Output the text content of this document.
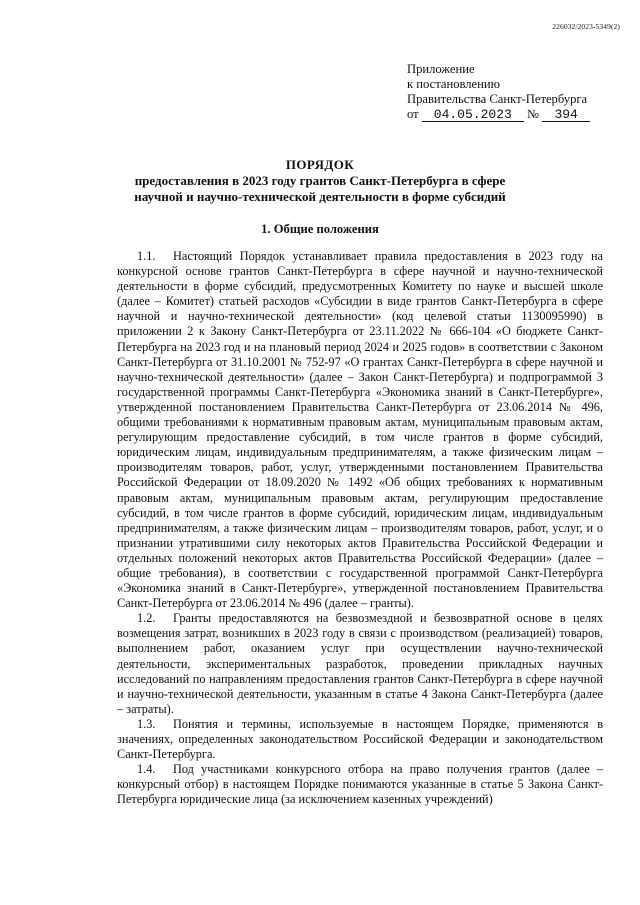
226032/2023-5349(2)
Приложение
к постановлению
Правительства Санкт-Петербурга
от 04.05.2023 № 394
ПОРЯДОК
предоставления в 2023 году грантов Санкт-Петербурга в сфере
научной и научно-технической деятельности в форме субсидий
1. Общие положения

1.1. Настоящий Порядок устанавливает правила предоставления в 2023 году на конкурсной основе грантов Санкт-Петербурга в сфере научной и научно-технической деятельности в форме субсидий, предусмотренных Комитету по науке и высшей школе (далее – Комитет) статьей расходов «Субсидии в виде грантов Санкт-Петербурга в сфере научной и научно-технической деятельности» (код целевой статьи 1130095990) в приложении 2 к Закону Санкт-Петербурга от 23.11.2022 № 666-104 «О бюджете Санкт-Петербурга на 2023 год и на плановый период 2024 и 2025 годов» в соответствии с Законом Санкт-Петербурга от 31.10.2001 № 752-97 «О грантах Санкт-Петербурга в сфере научной и научно-технической деятельности» (далее – Закон Санкт-Петербурга) и подпрограммой 3 государственной программы Санкт-Петербурга «Экономика знаний в Санкт-Петербурге», утвержденной постановлением Правительства Санкт-Петербурга от 23.06.2014 № 496, общими требованиями к нормативным правовым актам, муниципальным правовым актам, регулирующим предоставление субсидий, в том числе грантов в форме субсидий, юридическим лицам, индивидуальным предпринимателям, а также физическим лицам – производителям товаров, работ, услуг, утвержденными постановлением Правительства Российской Федерации от 18.09.2020 № 1492 «Об общих требованиях к нормативным правовым актам, муниципальным правовым актам, регулирующим предоставление субсидий, в том числе грантов в форме субсидий, юридическим лицам, индивидуальным предпринимателям, а также физическим лицам – производителям товаров, работ, услуг, и о признании утратившими силу некоторых актов Правительства Российской Федерации и отдельных положений некоторых актов Правительства Российской Федерации» (далее – общие требования), в соответствии с государственной программой Санкт-Петербурга «Экономика знаний в Санкт-Петербурге», утвержденной постановлением Правительства Санкт-Петербурга от 23.06.2014 № 496 (далее – гранты).

1.2. Гранты предоставляются на безвозмездной и безвозвратной основе в целях возмещения затрат, возникших в 2023 году в связи с производством (реализацией) товаров, выполнением работ, оказанием услуг при осуществлении научно-технической деятельности, экспериментальных разработок, проведении прикладных научных исследований по направлениям предоставления грантов Санкт-Петербурга в сфере научной и научно-технической деятельности, указанным в статье 4 Закона Санкт-Петербурга (далее – затраты).

1.3. Понятия и термины, используемые в настоящем Порядке, применяются в значениях, определенных законодательством Российской Федерации и законодательством Санкт-Петербурга.

1.4. Под участниками конкурсного отбора на право получения грантов (далее – конкурсный отбор) в настоящем Порядке понимаются указанные в статье 5 Закона Санкт-Петербурга юридические лица (за исключением казенных учреждений)
